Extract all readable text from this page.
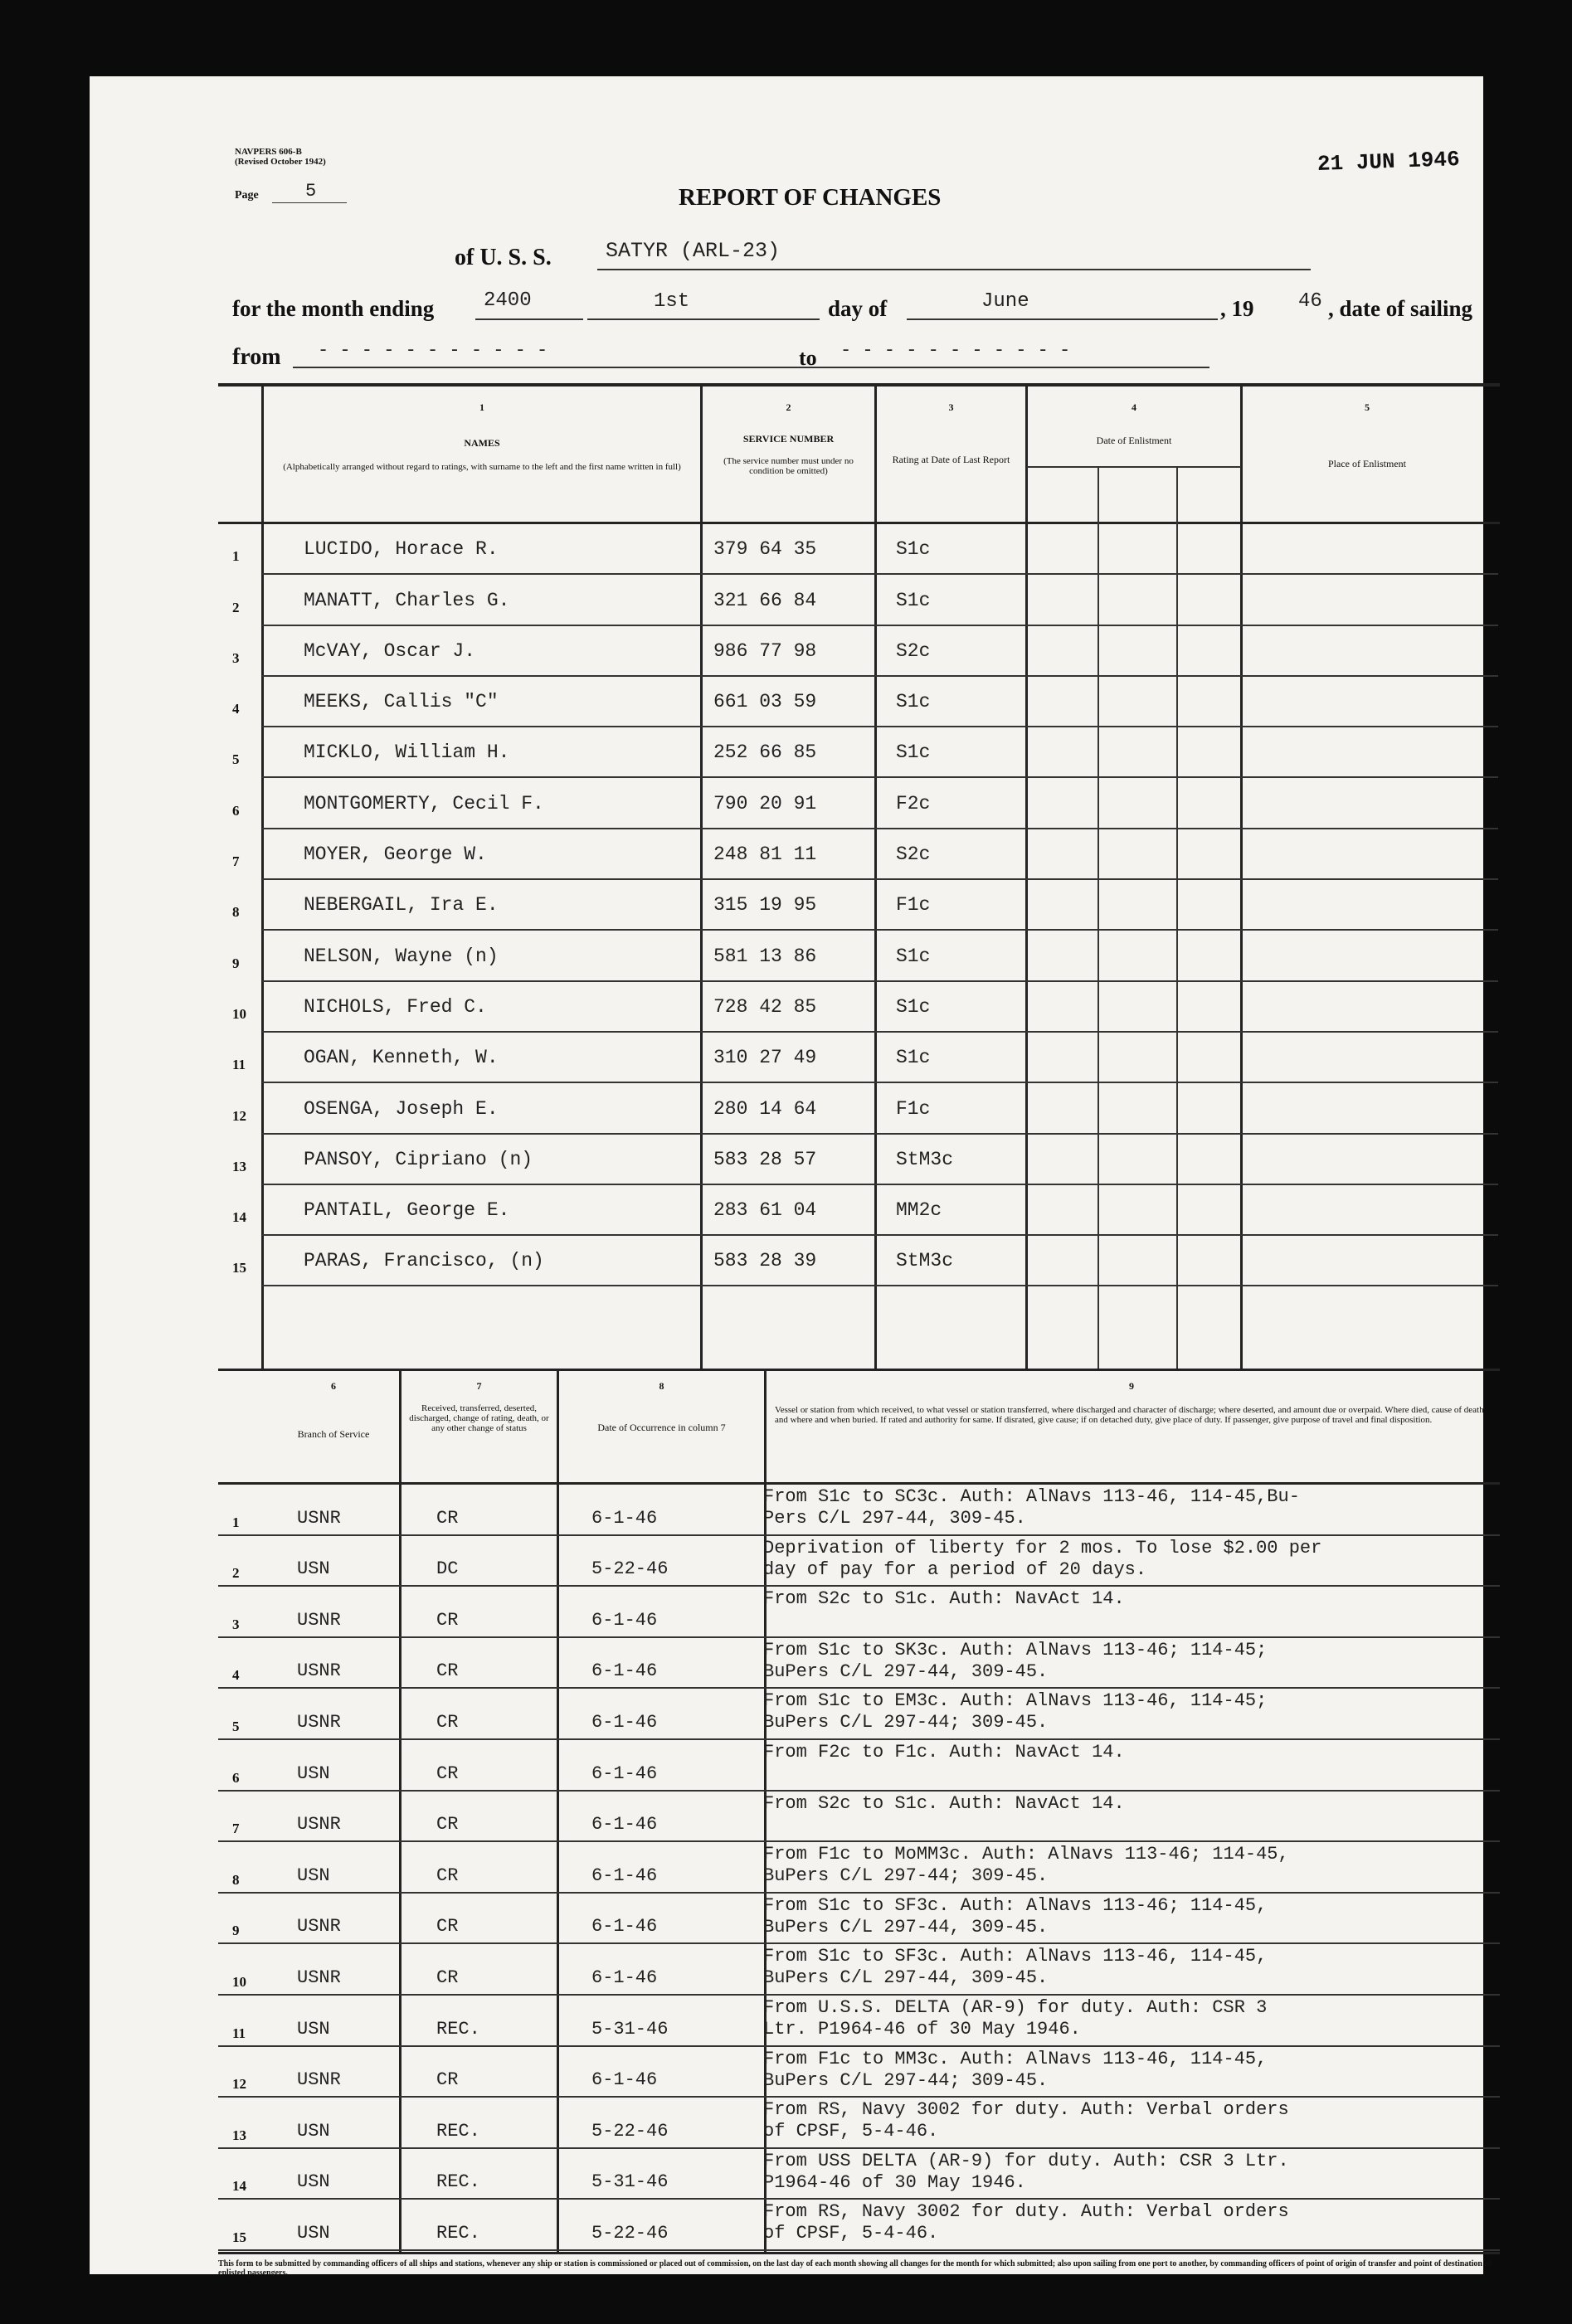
NAVPERS 606-B
(Revised October 1942)
Page	5
21 JUN 1946
REPORT OF CHANGES
of U. S. S.	SATYR (ARL-23)
for the month ending 2400	1st	day of	June	, 19 46 , date of sailing
from - - - - - - - - - - -	to - - - - - - - - - - -
1
NAMES
(Alphabetically arranged without regard to ratings, with surname to the left and the first name written in full)
2
SERVICE NUMBER
(The service number must under no condition be omitted)
3
Rating at Date of Last Report
4
Date of Enlistment
5
Place of Enlistment
1	LUCIDO, Horace R.	379 64 35	S1c
2	MANATT, Charles G.	321 66 84	S1c
3	McVAY, Oscar J.	986 77 98	S2c
4	MEEKS, Callis "C"	661 03 59	S1c
5	MICKLO, William H.	252 66 85	S1c
6	MONTGOMERTY, Cecil F.	790 20 91	F2c
7	MOYER, George W.	248 81 11	S2c
8	NEBERGAIL, Ira E.	315 19 95	F1c
9	NELSON, Wayne (n)	581 13 86	S1c
10	NICHOLS, Fred C.	728 42 85	S1c
11	OGAN, Kenneth, W.	310 27 49	S1c
12	OSENGA, Joseph E.	280 14 64	F1c
13	PANSOY, Cipriano (n)	583 28 57	StM3c
14	PANTAIL, George E.	283 61 04	MM2c
15	PARAS, Francisco, (n)	583 28 39	StM3c
6
Branch of Service
7
Received, transferred, deserted, discharged, change of rating, death, or any other change of status
8
Date of Occurrence in column 7
9
Vessel or station from which received, to what vessel or station transferred, where discharged and character of discharge; where deserted, and amount due or overpaid. Where died, cause of death and where and when buried. If rated and authority for same. If disrated, give cause; if on detached duty, give place of duty. If passenger, give purpose of travel and final disposition.
1	USNR	CR	6-1-46
From S1c to SC3c. Auth: AlNavs 113-46, 114-45,Bu-
Pers C/L 297-44, 309-45.
2	USN	DC	5-22-46
Deprivation of liberty for 2 mos. To lose $2.00 per
day of pay for a period of 20 days.
3	USNR	CR	6-1-46
From S2c to S1c. Auth: NavAct 14.
4	USNR	CR	6-1-46
From S1c to SK3c. Auth: AlNavs 113-46; 114-45;
BuPers C/L 297-44, 309-45.
5	USNR	CR	6-1-46
From S1c to EM3c. Auth: AlNavs 113-46, 114-45;
BuPers C/L 297-44; 309-45.
6	USN	CR	6-1-46
From F2c to F1c. Auth: NavAct 14.
7	USNR	CR	6-1-46
From S2c to S1c. Auth: NavAct 14.
8	USN	CR	6-1-46
From F1c to MoMM3c. Auth: AlNavs 113-46; 114-45,
BuPers C/L 297-44; 309-45.
9	USNR	CR	6-1-46
From S1c to SF3c. Auth: AlNavs 113-46; 114-45,
BuPers C/L 297-44, 309-45.
10	USNR	CR	6-1-46
From S1c to SF3c. Auth: AlNavs 113-46, 114-45,
BuPers C/L 297-44, 309-45.
11	USN	REC.	5-31-46
From U.S.S. DELTA (AR-9) for duty. Auth: CSR 3
Ltr. P1964-46 of 30 May 1946.
12	USNR	CR	6-1-46
From F1c to MM3c. Auth: AlNavs 113-46, 114-45,
BuPers C/L 297-44; 309-45.
13	USN	REC.	5-22-46
From RS, Navy 3002 for duty. Auth: Verbal orders
of CPSF, 5-4-46.
14	USN	REC.	5-31-46
From USS DELTA (AR-9) for duty. Auth: CSR 3 Ltr.
P1964-46 of 30 May 1946.
15	USN	REC.	5-22-46
From RS, Navy 3002 for duty. Auth: Verbal orders
of CPSF, 5-4-46.
This form to be submitted by commanding officers of all ships and stations, whenever any ship or station is commissioned or placed out of commission, on the last day of each month showing all changes for the month for which submitted; also upon sailing from one port to another, by commanding officers of point of origin of transfer and point of destination of enlisted passengers.
